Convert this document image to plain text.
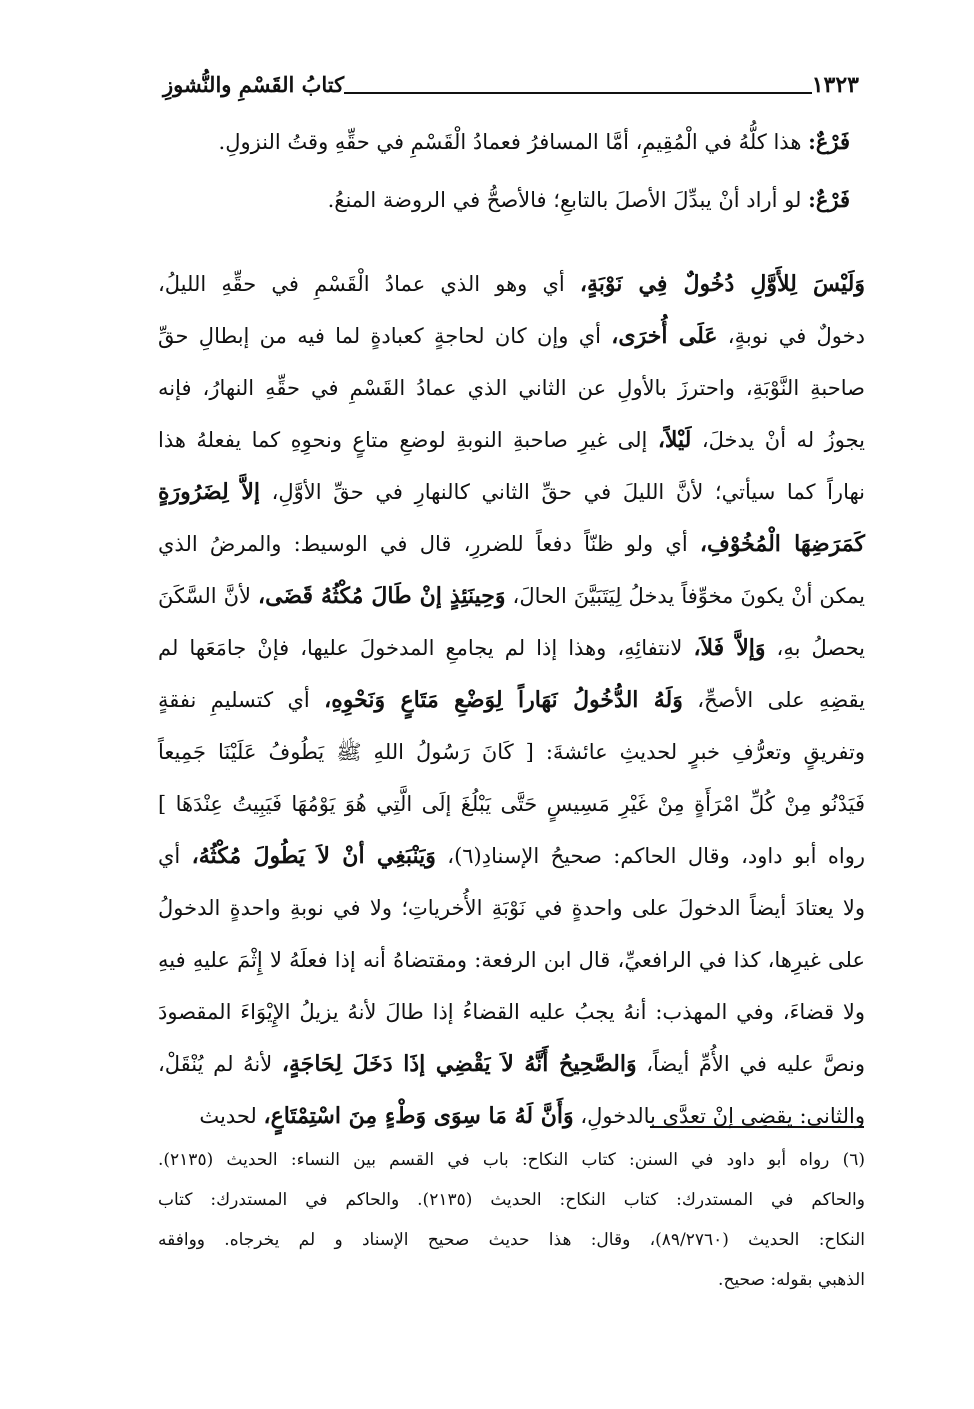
١٣٢٣
كتابُ القَسْمِ والنُّشوزِ
فَرْعٌ: هذا كلُّهُ في الْمُقِيمِ، أمَّا المسافرُ فعمادُ الْقَسْمِ في حقِّهِ وقتُ النزولِ.
فَرْعٌ: لو أراد أنْ يبدِّلَ الأصلَ بالتابعِ؛ فالأصحُّ في الروضة المنعُ.
وَلَيْسَ لِلأَوَّلِ دُخُولٌ فِي نَوْبَةٍ، أي وهو الذي عمادُ الْقَسْمِ في حقِّهِ الليلُ،
دخولٌ في نوبةٍ، عَلَى أُخرَى، أي وإن كان لحاجةٍ كعبادةٍ لما فيه من إبطالِ حقِّ
صاحبةِ النَّوْبَةِ، واحترزَ بالأولِ عن الثاني الذي عمادُ القَسْمِ في حقِّهِ النهارُ، فإنه
يجوزُ له أنْ يدخلَ، لَيْلاً، إلى غيرِ صاحبةِ النوبةِ لوضعِ متاعٍ ونحوِهِ كما يفعلهُ هذا
نهاراً كما سيأتي؛ لأنَّ الليلَ في حقِّ الثاني كالنهارِ في حقِّ الأوَّلِ، إلاَّ لِضَرُورَةٍ
كَمَرَضِهَا الْمُخُوْفِ، أي ولو ظنّاً دفعاً للضررِ، قال في الوسيط: والمرضُ الذي
يمكن أنْ يكونَ مخوِّفاً يدخلُ لِيَتَبَيَّنَ الحالَ، وَحِينَئِذٍ إنْ طَالَ مُكْثُهُ قَضَى، لأنَّ السَّكَنَ
يحصلُ بهِ، وَإلاَّ فَلاَ، لانتفائِهِ، وهذا إذا لم يجامعِ المدخولَ عليها، فإنْ جامَعَها لم
يقضِهِ على الأصحِّ، وَلَهُ الدُّخُولُ نَهَاراً لِوَضْعِ مَتَاعٍ وَنَحْوِهِ، أي كتسليمِ نفقةٍ
وتفريقٍ وتعرُّفِ خبرٍ لحديثِ عائشةَ: [ كَانَ رَسُولُ اللهِ ﷺ يَطُوفُ عَلَيْنَا جَمِيعاً
فَيَدْنُو مِنْ كُلِّ امْرَأَةٍ مِنْ غَيْرِ مَسِيسٍ حَتَّى يَبْلُغَ إلَى الَّتِي هُوَ يَوْمُهَا فَيَبِيتُ عِنْدَهَا ]
رواه أبو داود، وقال الحاكم: صحيحُ الإسنادِ(٦)، وَيَنْبَغِي أنْ لاَ يَطُولَ مُكْثُهُ، أي
ولا يعتادَ أيضاً الدخولَ على واحدةٍ في نَوْبَةِ الأُخرياتِ؛ ولا في نوبةِ واحدةٍ الدخولُ
على غيرِها، كذا في الرافعيِّ، قال ابن الرفعة: ومقتضاهُ أنه إذا فعلَهُ لا إِثْمَ عليهِ فيهِ
ولا قضاءَ، وفي المهذب: أنهُ يجبُ عليه القضاءُ إذا طالَ لأنهُ يزيلُ الإِيْوَاءَ المقصودَ
ونصَّ عليه في الأُمِّ أيضاً، وَالصَّحِيحُ أَنَّهُ لاَ يَقْضِي إذَا دَخَلَ لِحَاجَةٍ، لأنهُ لم يُنْقَلْ،
والثاني: يقضِي إنْ تعدَّى بالدخولِ، وَأَنَّ لَهُ مَا سِوَى وَطْءٍ مِنَ اسْتِمْتَاعٍ، لحديث
(٦) رواه أبو داود في السنن: كتاب النكاح: باب في القسم بين النساء: الحديث (٢١٣٥).
والحاكم في المستدرك: كتاب النكاح: الحديث (٢١٣٥). والحاكم في المستدرك: كتاب
النكاح: الحديث (٨٩/٢٧٦٠)، وقال: هذا حديث صحيح الإسناد و لم يخرجاه. ووافقه
الذهبي بقوله: صحيح.
